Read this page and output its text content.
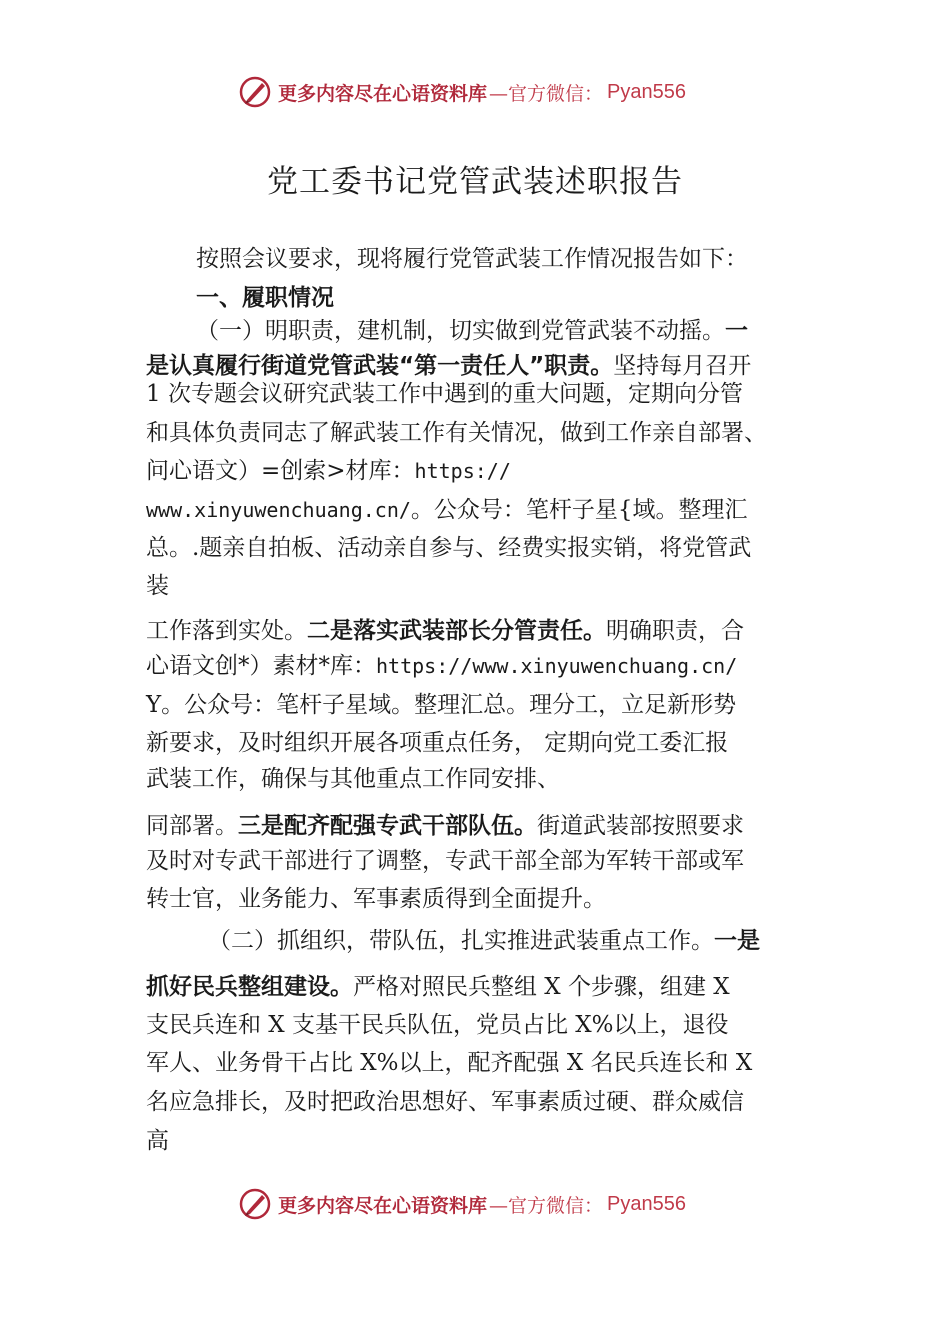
更多内容尽在心语资料库 —官方微信： Pyan556
党工委书记党管武装述职报告
按照会议要求，现将履行党管武装工作情况报告如下：
一、履职情况
（一）明职责，建机制，切实做到党管武装不动摇。一
是认真履行街道党管武装“第一责任人”职责。坚持每月召开
1 次专题会议研究武装工作中遇到的重大问题，定期向分管
和具体负责同志了解武装工作有关情况，做到工作亲自部署、
问心语文）=创索>材库：https://
www.xinyuwenchuang.cn/。公众号：笔杆子星{域。整理汇
总。.题亲自拍板、活动亲自参与、经费实报实销，将党管武
装
工作落到实处。二是落实武装部长分管责任。明确职责，合
心语文创*）素材*库：https://www.xinyuwenchuang.cn/
Y。公众号：笔杆子星域。整理汇总。理分工，立足新形势
新要求，及时组织开展各项重点任务， 定期向党工委汇报
武装工作，确保与其他重点工作同安排、
同部署。三是配齐配强专武干部队伍。街道武装部按照要求
及时对专武干部进行了调整，专武干部全部为军转干部或军
转士官，业务能力、军事素质得到全面提升。
（二）抓组织，带队伍，扎实推进武装重点工作。一是
抓好民兵整组建设。严格对照民兵整组 X 个步骤，组建 X
支民兵连和 X 支基干民兵队伍，党员占比 X%以上，退役
军人、业务骨干占比 X%以上，配齐配强 X 名民兵连长和 X
名应急排长，及时把政治思想好、军事素质过硬、群众威信
高
更多内容尽在心语资料库 —官方微信： Pyan556
